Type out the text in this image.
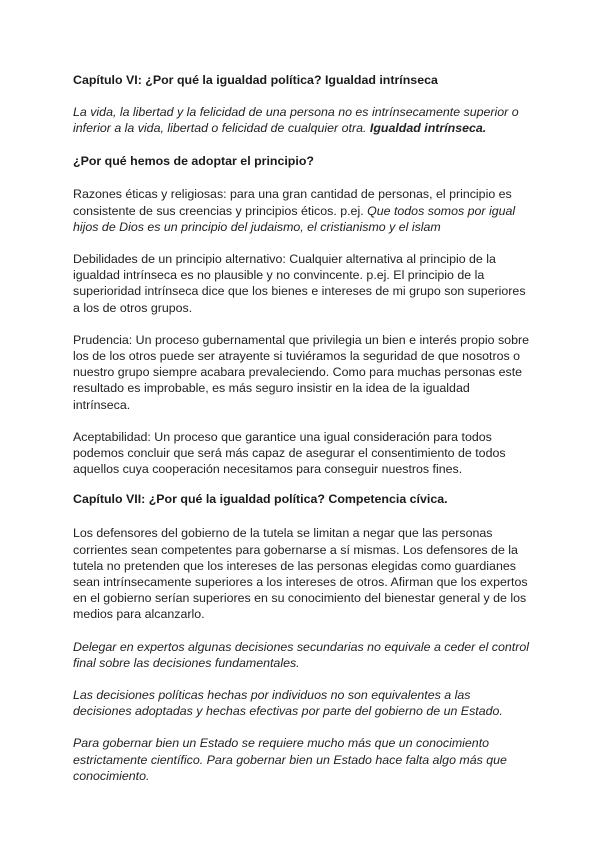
Capítulo VI: ¿Por qué la igualdad política? Igualdad intrínseca
La vida, la libertad y la felicidad de una persona no es intrínsecamente superior o inferior a la vida, libertad o felicidad de cualquier otra. Igualdad intrínseca.
¿Por qué hemos de adoptar el principio?
Razones éticas y religiosas: para una gran cantidad de personas, el principio es consistente de sus creencias y principios éticos. p.ej. Que todos somos por igual hijos de Dios es un principio del judaismo, el cristianismo y el islam
Debilidades de un principio alternativo: Cualquier alternativa al principio de la igualdad intrínseca es no plausible y no convincente. p.ej. El principio de la superioridad intrínseca dice que los bienes e intereses de mi grupo son superiores a los de otros grupos.
Prudencia: Un proceso gubernamental que privilegia un bien e interés propio sobre los de los otros puede ser atrayente si tuviéramos la seguridad de que nosotros o nuestro grupo siempre acabara prevaleciendo. Como para muchas personas este resultado es improbable, es más seguro insistir en la idea de la igualdad intrínseca.
Aceptabilidad: Un proceso que garantice una igual consideración para todos podemos concluir que será más capaz de asegurar el consentimiento de todos aquellos cuya cooperación necesitamos para conseguir nuestros fines.
Capítulo VII: ¿Por qué la igualdad política? Competencia cívica.
Los defensores del gobierno de la tutela se limitan a negar que las personas corrientes sean competentes para gobernarse a sí mismas. Los defensores de la tutela no pretenden que los intereses de las personas elegidas como guardianes sean intrínsecamente superiores a los intereses de otros. Afirman que los expertos en el gobierno serían superiores en su conocimiento del bienestar general y de los medios para alcanzarlo.
Delegar en expertos algunas decisiones secundarias no equivale a ceder el control final sobre las decisiones fundamentales.
Las decisiones políticas hechas por individuos no son equivalentes a las decisiones adoptadas y hechas efectivas por parte del gobierno de un Estado.
Para gobernar bien un Estado se requiere mucho más que un conocimiento estrictamente científico. Para gobernar bien un Estado hace falta algo más que conocimiento.
